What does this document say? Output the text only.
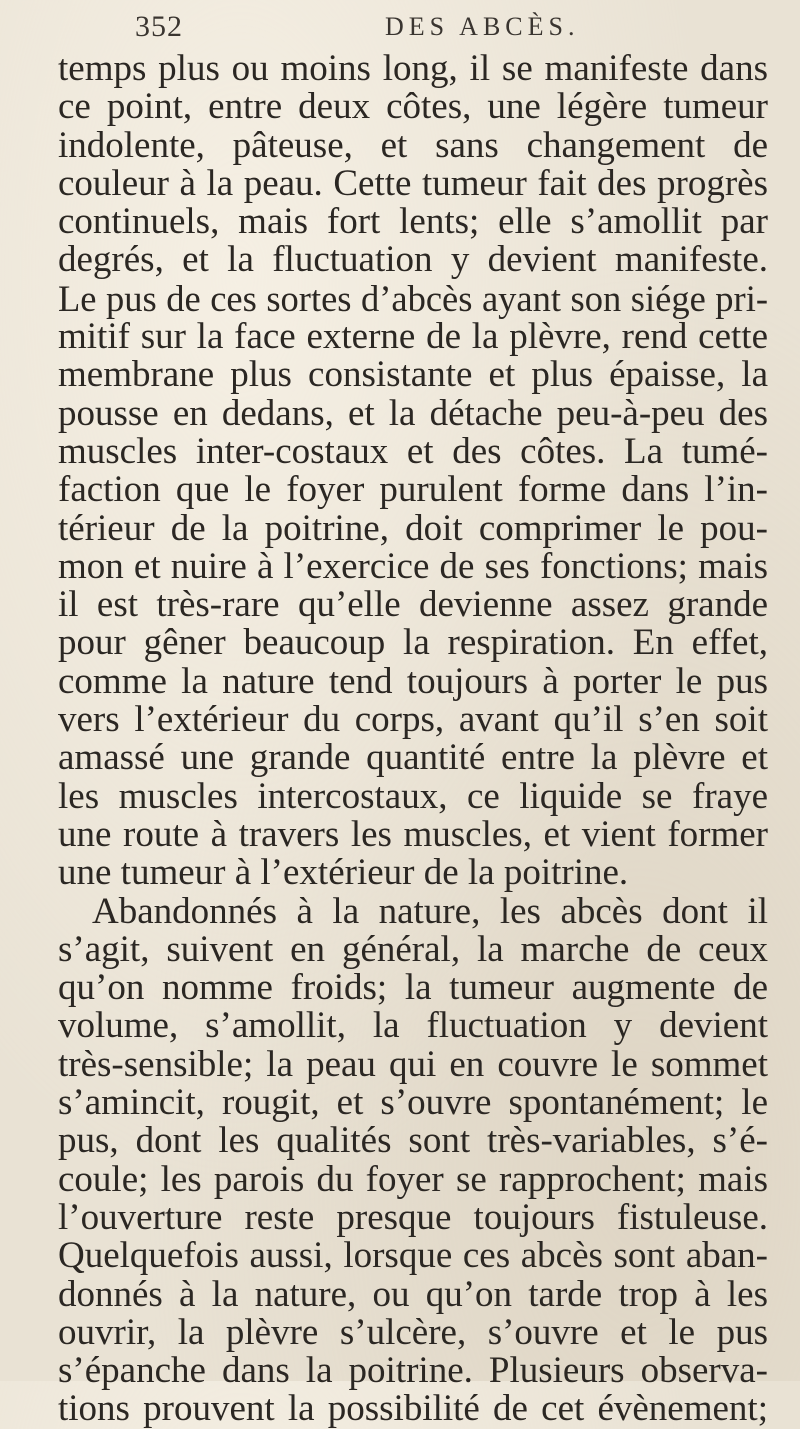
352	DES ABCÈS.
temps plus ou moins long, il se manifeste dans
ce point, entre deux côtes, une légère tumeur
indolente, pâteuse, et sans changement de
couleur à la peau. Cette tumeur fait des progrès
continuels, mais fort lents; elle s’amollit par
degrés, et la fluctuation y devient manifeste.
Le pus de ces sortes d’abcès ayant son siége pri-
mitif sur la face externe de la plèvre, rend cette
membrane plus consistante et plus épaisse, la
pousse en dedans, et la détache peu-à-peu des
muscles inter-costaux et des côtes. La tumé-
faction que le foyer purulent forme dans l’in-
térieur de la poitrine, doit comprimer le pou-
mon et nuire à l’exercice de ses fonctions; mais
il est très-rare qu’elle devienne assez grande
pour gêner beaucoup la respiration. En effet,
comme la nature tend toujours à porter le pus
vers l’extérieur du corps, avant qu’il s’en soit
amassé une grande quantité entre la plèvre et
les muscles intercostaux, ce liquide se fraye
une route à travers les muscles, et vient former
une tumeur à l’extérieur de la poitrine.
Abandonnés à la nature, les abcès dont il
s’agit, suivent en général, la marche de ceux
qu’on nomme froids; la tumeur augmente de
volume, s’amollit, la fluctuation y devient
très-sensible; la peau qui en couvre le sommet
s’amincit, rougit, et s’ouvre spontanément; le
pus, dont les qualités sont très-variables, s’é-
coule; les parois du foyer se rapprochent; mais
l’ouverture reste presque toujours fistuleuse.
Quelquefois aussi, lorsque ces abcès sont aban-
donnés à la nature, ou qu’on tarde trop à les
ouvrir, la plèvre s’ulcère, s’ouvre et le pus
s’épanche dans la poitrine. Plusieurs observa-
tions prouvent la possibilité de cet évènement;
